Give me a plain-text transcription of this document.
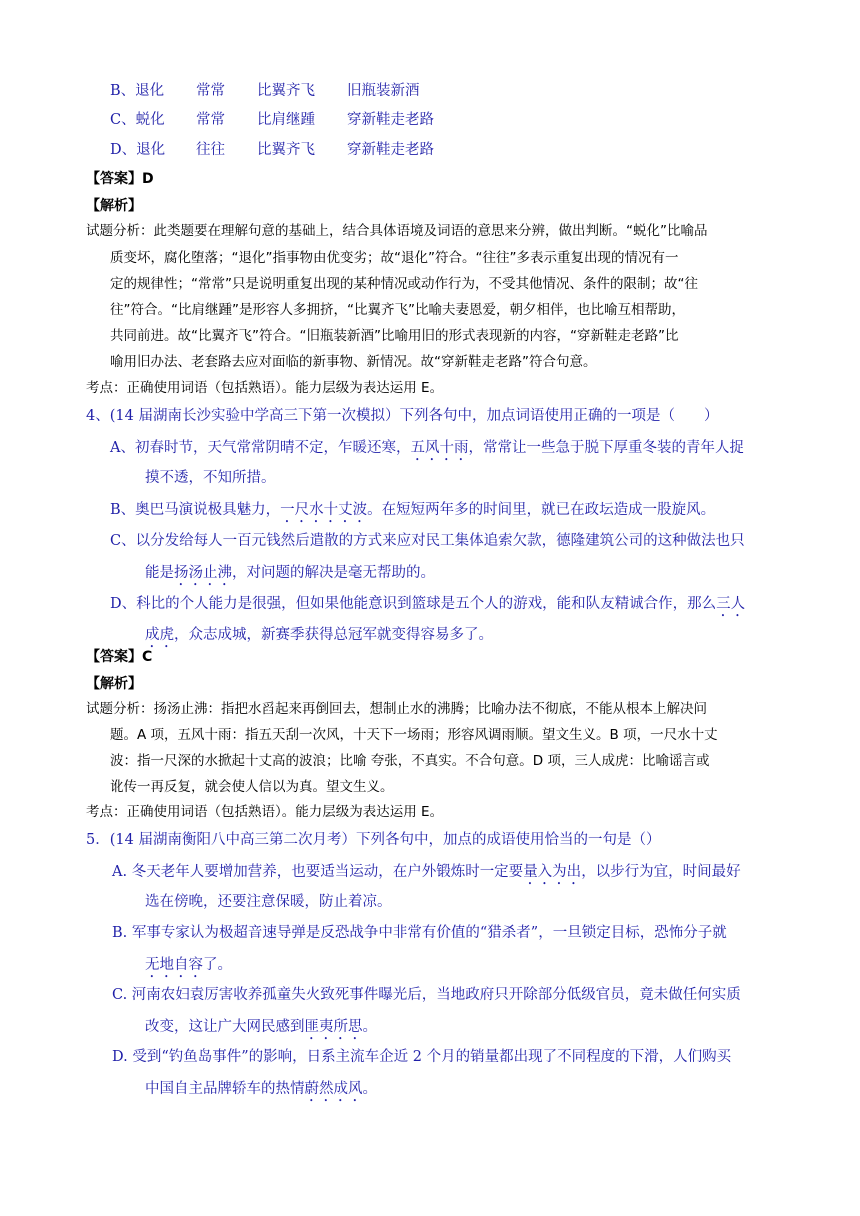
B、退化 常常 比翼齐飞 旧瓶装新酒
C、蜕化 常常 比肩继踵 穿新鞋走老路
D、退化 往往 比翼齐飞 穿新鞋走老路
【答案】D
【解析】
试题分析：此类题要在理解句意的基础上，结合具体语境及词语的意思来分辨，做出判断。“蜕化”比喻品
质变坏，腐化堕落；“退化”指事物由优变劣；故“退化”符合。“往往”多表示重复出现的情况有一
定的规律性；“常常”只是说明重复出现的某种情况或动作行为，不受其他情况、条件的限制；故“往
往”符合。“比肩继踵”是形容人多拥挤，“比翼齐飞”比喻夫妻恩爱，朝夕相伴，也比喻互相帮助，
共同前进。故“比翼齐飞”符合。“旧瓶装新酒”比喻用旧的形式表现新的内容，“穿新鞋走老路”比
喻用旧办法、老套路去应对面临的新事物、新情况。故“穿新鞋走老路”符合句意。
考点：正确使用词语（包括熟语）。能力层级为表达运用 E。
4、(14 届湖南长沙实验中学高三下第一次模拟）下列各句中，加点词语使用正确的一项是（　　）
A、初春时节，天气常常阴晴不定，乍暖还寒，五风十雨，常常让一些急于脱下厚重冬装的青年人捉
摸不透，不知所措。
B、奥巴马演说极具魅力，一尺水十丈波。在短短两年多的时间里，就已在政坛造成一股旋风。
C、以分发给每人一百元钱然后遣散的方式来应对民工集体追索欠款，德隆建筑公司的这种做法也只
能是扬汤止沸，对问题的解决是毫无帮助的。
D、科比的个人能力是很强，但如果他能意识到篮球是五个人的游戏，能和队友精诚合作，那么三人
成虎，众志成城，新赛季获得总冠军就变得容易多了。
【答案】C
【解析】
试题分析：扬汤止沸：指把水舀起来再倒回去，想制止水的沸腾；比喻办法不彻底，不能从根本上解决问
题。A 项，五风十雨：指五天刮一次风，十天下一场雨；形容风调雨顺。望文生义。B 项，一尺水十丈
波：指一尺深的水掀起十丈高的波浪；比喻 夸张，不真实。不合句意。D 项，三人成虎：比喻谣言或
讹传一再反复，就会使人信以为真。望文生义。
考点：正确使用词语（包括熟语）。能力层级为表达运用 E。
5．(14 届湖南衡阳八中高三第二次月考）下列各句中，加点的成语使用恰当的一句是（）
A. 冬天老年人要增加营养，也要适当运动，在户外锻炼时一定要量入为出，以步行为宜，时间最好
选在傍晚，还要注意保暖，防止着凉。
B. 军事专家认为极超音速导弹是反恐战争中非常有价值的“猎杀者”，一旦锁定目标，恐怖分子就
无地自容了。
C. 河南农妇袁厉害收养孤童失火致死事件曝光后，当地政府只开除部分低级官员，竟未做任何实质
改变，这让广大网民感到匪夷所思。
D. 受到“钓鱼岛事件”的影响，日系主流车企近 2 个月的销量都出现了不同程度的下滑，人们购买
中国自主品牌轿车的热情蔚然成风。
